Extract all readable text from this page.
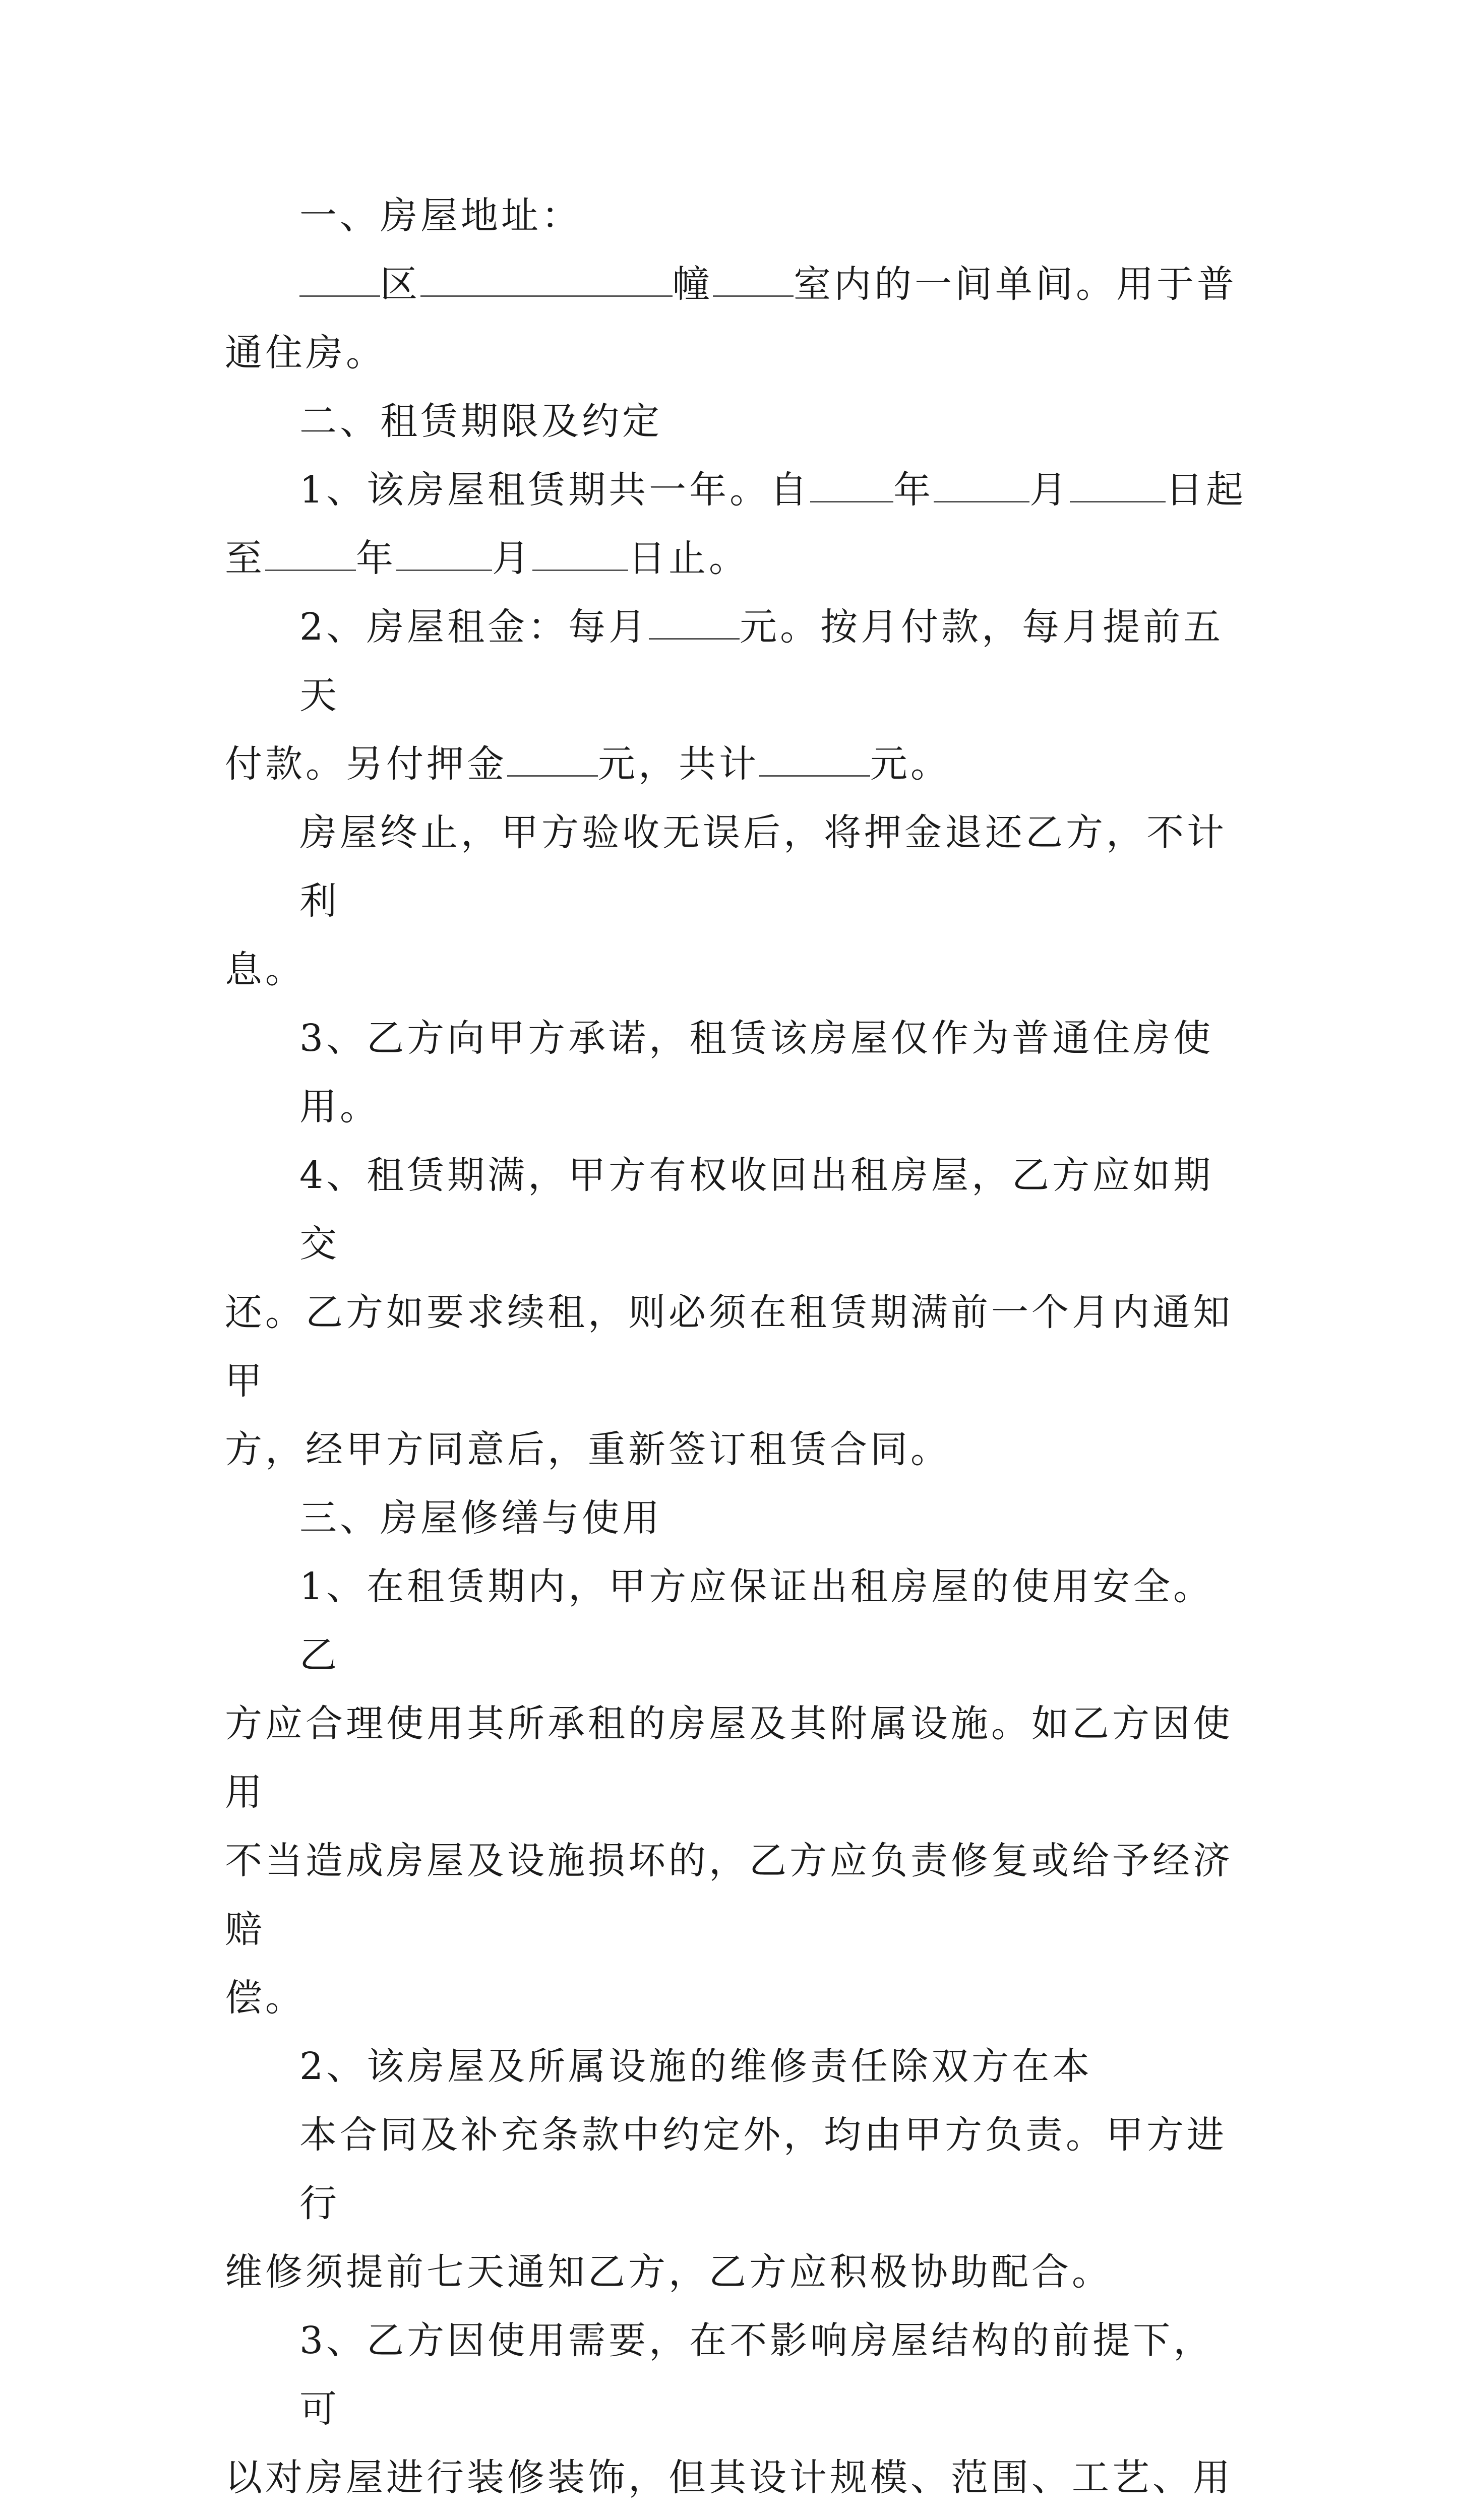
一、房屋地址：

区	幢 室内的一间单间。用于普

通住房。

二、租赁期限及约定

1、该房屋租赁期共一年。自 年	月	日起

至 年	月	日止。

2、房屋租金：每月 元。按月付款，每月提前五天

付款。另付押金 元，共计	元。

房屋终止，甲方验收无误后，将押金退还乙方，不计利

息。

3、乙方向甲方承诺，租赁该房屋仅作为普通住房使用。

4、租赁期满，甲方有权收回出租房屋，乙方应如期交

还。乙方如要求续租，则必须在租赁期满前一个月内通知甲

方，经甲方同意后，重新签订租赁合同。

三、房屋修缮与使用

1、在租赁期内，甲方应保证出租房屋的使用安全。乙

方应合理使用其所承租的房屋及其附属设施。如乙方因使用

不当造成房屋及设施损坏的，乙方应负责修复或给予经济赔

偿。

2、该房屋及所属设施的维修责任除双方在本

本合同及补充条款中约定外，均由甲方负责。甲方进行

维修须提前七天通知乙方，乙方应积极协助配合。

3、乙方因使用需要，在不影响房屋结构的前提下，可

以对房屋进行装修装饰，但其设计规模、范围、工艺、用
